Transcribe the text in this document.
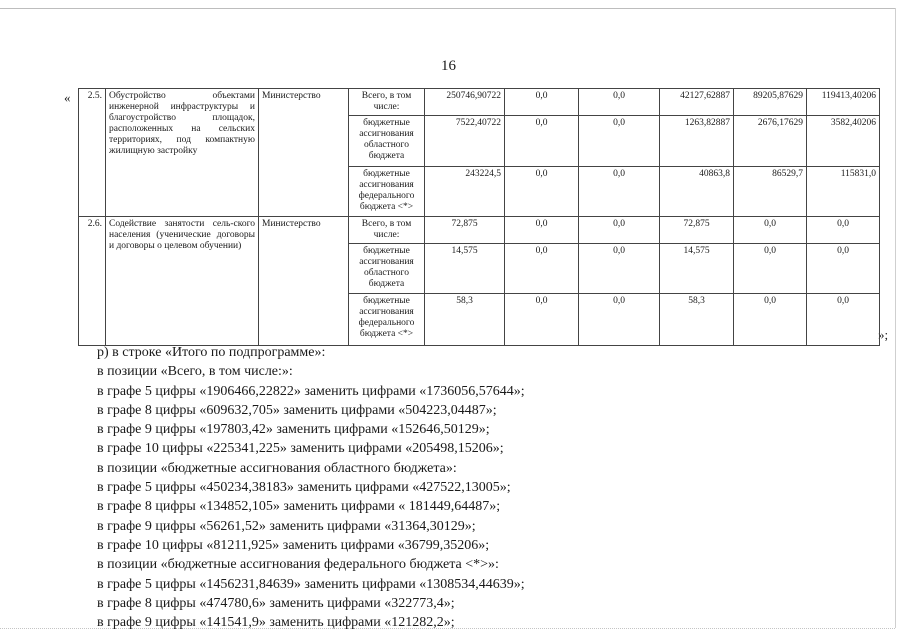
16
«
»;
2.5.	Обустройство объектами инженерной инфраструктуры и благоустройство площадок, расположенных на сельских территориях, под компактную жилищную застройку	Министерство	Всего, в том числе:	250746,90722	0,0	0,0	42127,62887	89205,87629	119413,40206
			бюджетные ассигнования областного бюджета	7522,40722	0,0	0,0	1263,82887	2676,17629	3582,40206
			бюджетные ассигнования федерального бюджета <*>	243224,5	0,0	0,0	40863,8	86529,7	115831,0
2.6.	Содействие занятости сель-ского населения (ученические договоры и договоры о целевом обучении)	Министерство	Всего, в том числе:	72,875	0,0	0,0	72,875	0,0	0,0
			бюджетные ассигнования областного бюджета	14,575	0,0	0,0	14,575	0,0	0,0
			бюджетные ассигнования федерального бюджета <*>	58,3	0,0	0,0	58,3	0,0	0,0
р) в строке «Итого по подпрограмме»:
в позиции «Всего, в том числе:»:
в графе 5 цифры «1906466,22822» заменить цифрами «1736056,57644»;
в графе 8 цифры «609632,705» заменить цифрами «504223,04487»;
в графе 9 цифры «197803,42» заменить цифрами «152646,50129»;
в графе 10 цифры «225341,225» заменить цифрами «205498,15206»;
в позиции «бюджетные ассигнования областного бюджета»:
в графе 5 цифры «450234,38183» заменить цифрами «427522,13005»;
в графе 8 цифры «134852,105» заменить цифрами « 181449,64487»;
в графе 9 цифры «56261,52» заменить цифрами «31364,30129»;
в графе 10 цифры «81211,925» заменить цифрами «36799,35206»;
в позиции «бюджетные ассигнования федерального бюджета <*>»:
в графе 5 цифры «1456231,84639» заменить цифрами «1308534,44639»;
в графе 8 цифры «474780,6» заменить цифрами «322773,4»;
в графе 9 цифры «141541,9» заменить цифрами «121282,2»;
